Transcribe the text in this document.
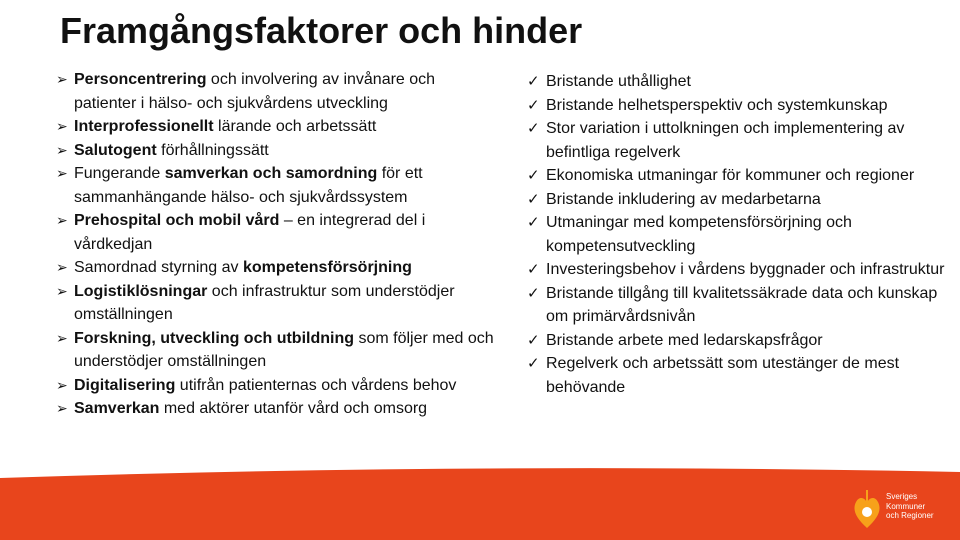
Framgångsfaktorer och hinder
➢ Personcentrering och involvering av invånare och patienter i hälso- och sjukvårdens utveckling
➢ Interprofessionellt lärande och arbetssätt
➢ Salutogent förhållningssätt
➢ Fungerande samverkan och samordning för ett sammanhängande hälso- och sjukvårdssystem
➢ Prehospital och mobil vård – en integrerad del i vårdkedjan
➢ Samordnad styrning av kompetensförsörjning
➢ Logistiklösningar och infrastruktur som understödjer omställningen
➢ Forskning, utveckling och utbildning som följer med och understödjer omställningen
➢ Digitalisering utifrån patienternas och vårdens behov
➢ Samverkan med aktörer utanför vård och omsorg
✓ Bristande uthållighet
✓ Bristande helhetsperspektiv och systemkunskap
✓ Stor variation i uttolkningen och implementering av befintliga regelverk
✓ Ekonomiska utmaningar för kommuner och regioner
✓ Bristande inkludering av medarbetarna
✓ Utmaningar med kompetensförsörjning och kompetensutveckling
✓ Investeringsbehov i vårdens byggnader och infrastruktur
✓ Bristande tillgång till kvalitetssäkrade data och kunskap om primärvårdsnivån
✓ Bristande arbete med ledarskapsfrågor
✓ Regelverk och arbetssätt som utestänger de mest behövande
Sveriges
Kommuner
och Regioner
